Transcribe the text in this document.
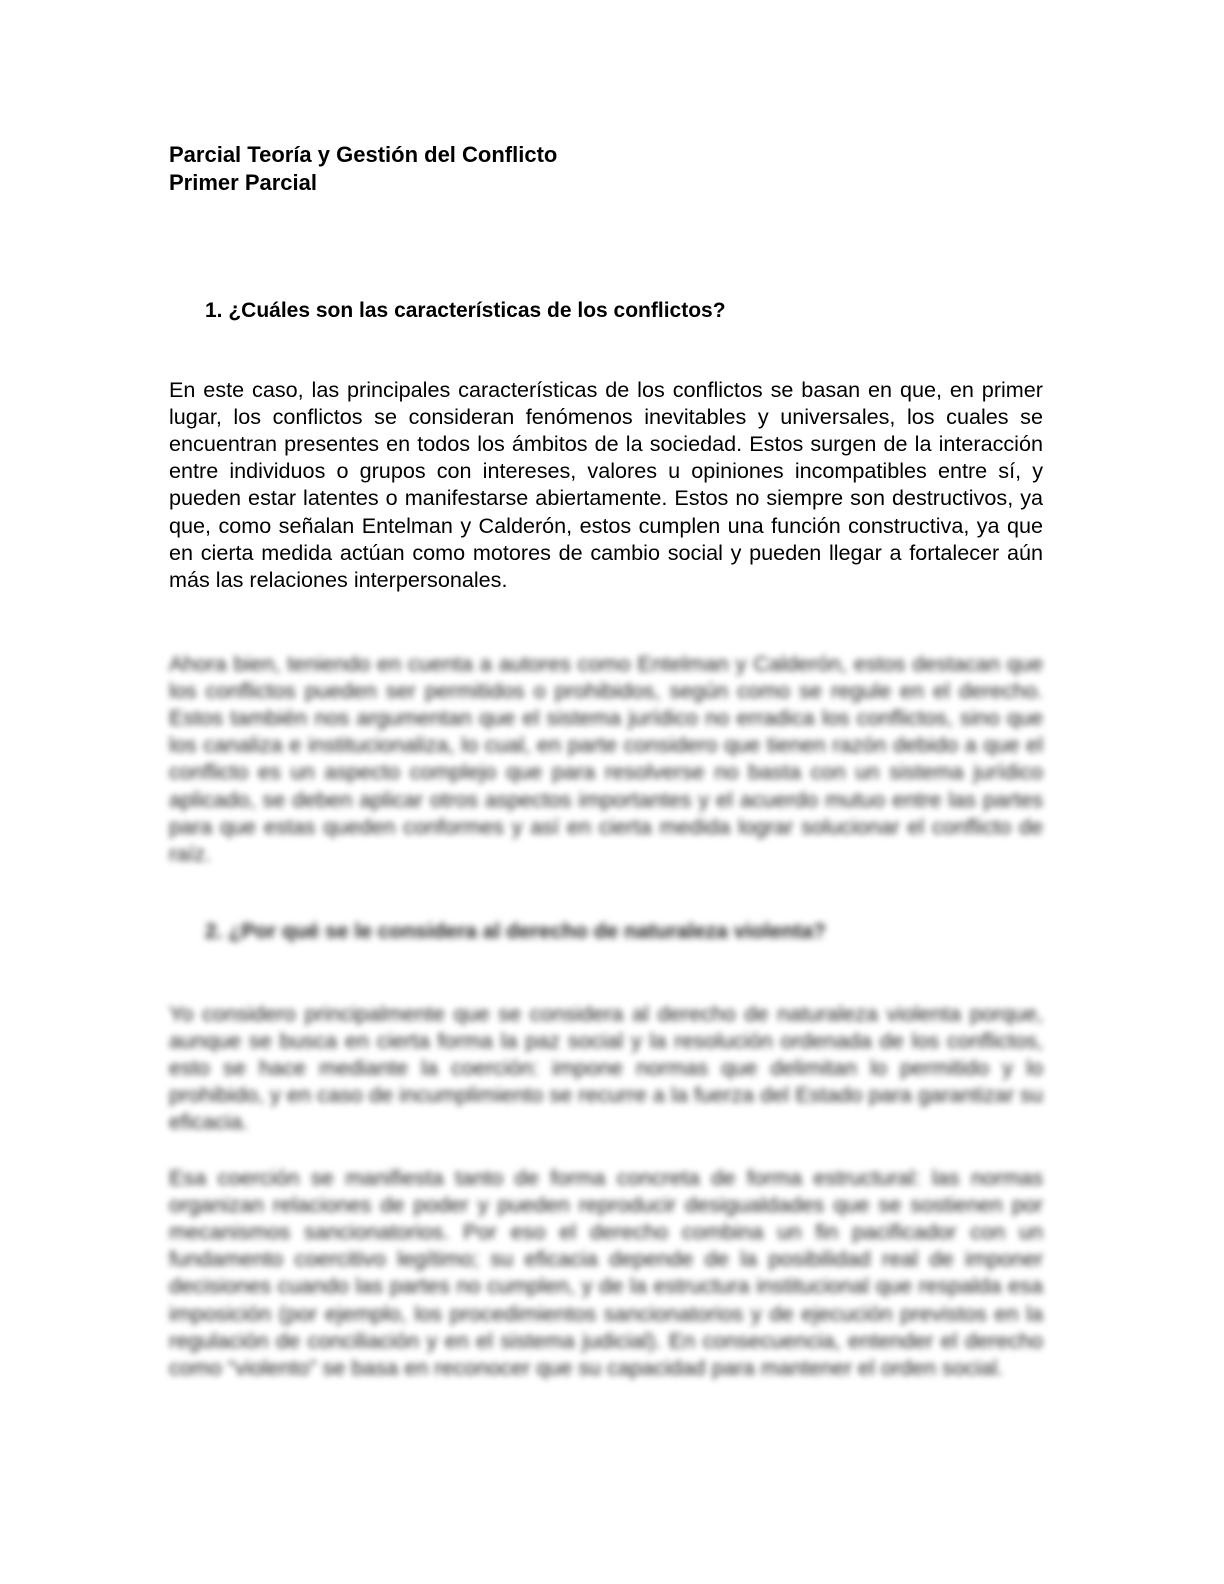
Parcial Teoría y Gestión del Conflicto
Primer Parcial
1. ¿Cuáles son las características de los conflictos?

En este caso, las principales características de los conflictos se basan en que, en primer lugar, los conflictos se consideran fenómenos inevitables y universales, los cuales se encuentran presentes en todos los ámbitos de la sociedad. Estos surgen de la interacción entre individuos o grupos con intereses, valores u opiniones incompatibles entre sí, y pueden estar latentes o manifestarse abiertamente. Estos no siempre son destructivos, ya que, como señalan Entelman y Calderón, estos cumplen una función constructiva, ya que en cierta medida actúan como motores de cambio social y pueden llegar a fortalecer aún más las relaciones interpersonales.

Ahora bien, teniendo en cuenta a autores como Entelman y Calderón, estos destacan que los conflictos pueden ser permitidos o prohibidos, según como se regule en el derecho. Estos también nos argumentan que el sistema jurídico no erradica los conflictos, sino que los canaliza e institucionaliza, lo cual, en parte considero que tienen razón debido a que el conflicto es un aspecto complejo que para resolverse no basta con un sistema jurídico aplicado, se deben aplicar otros aspectos importantes y el acuerdo mutuo entre las partes para que estas queden conformes y así en cierta medida lograr solucionar el conflicto de raíz.

2. ¿Por qué se le considera al derecho de naturaleza violenta?

Yo considero principalmente que se considera al derecho de naturaleza violenta porque, aunque se busca en cierta forma la paz social y la resolución ordenada de los conflictos, esto se hace mediante la coerción: impone normas que delimitan lo permitido y lo prohibido, y en caso de incumplimiento se recurre a la fuerza del Estado para garantizar su eficacia.

Esa coerción se manifiesta tanto de forma concreta de forma estructural: las normas organizan relaciones de poder y pueden reproducir desigualdades que se sostienen por mecanismos sancionatorios. Por eso el derecho combina un fin pacificador con un fundamento coercitivo legítimo; su eficacia depende de la posibilidad real de imponer decisiones cuando las partes no cumplen, y de la estructura institucional que respalda esa imposición (por ejemplo, los procedimientos sancionatorios y de ejecución previstos en la regulación de conciliación y en el sistema judicial). En consecuencia, entender el derecho como “violento” se basa en reconocer que su capacidad para mantener el orden social.
